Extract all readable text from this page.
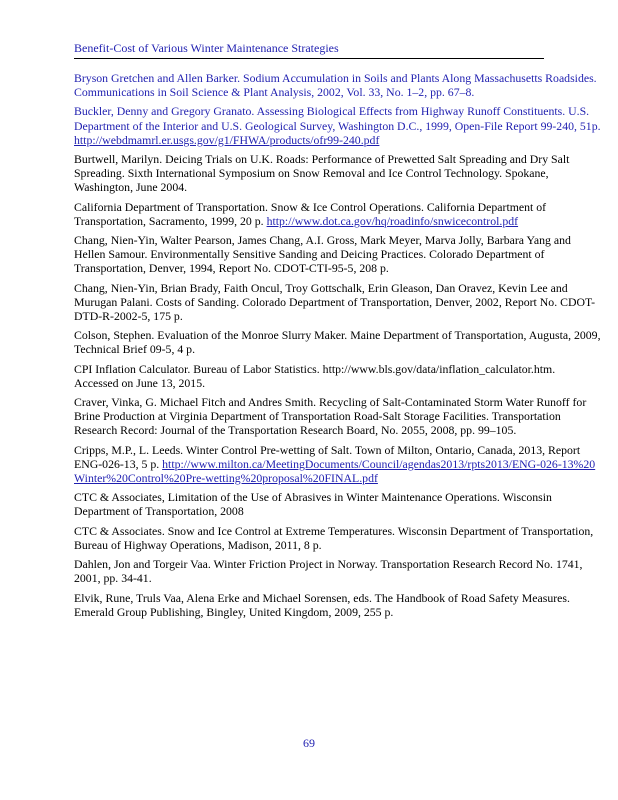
Benefit-Cost of Various Winter Maintenance Strategies

Bryson Gretchen and Allen Barker. Sodium Accumulation in Soils and Plants Along Massachusetts Roadsides. Communications in Soil Science & Plant Analysis, 2002, Vol. 33, No. 1–2, pp. 67–8.

Buckler, Denny and Gregory Granato. Assessing Biological Effects from Highway Runoff Constituents. U.S. Department of the Interior and U.S. Geological Survey, Washington D.C., 1999, Open-File Report 99-240, 51p. http://webdmamrl.er.usgs.gov/g1/FHWA/products/ofr99-240.pdf

Burtwell, Marilyn. Deicing Trials on U.K. Roads: Performance of Prewetted Salt Spreading and Dry Salt Spreading. Sixth International Symposium on Snow Removal and Ice Control Technology. Spokane, Washington, June 2004.

California Department of Transportation. Snow & Ice Control Operations. California Department of Transportation, Sacramento, 1999, 20 p. http://www.dot.ca.gov/hq/roadinfo/snwicecontrol.pdf

Chang, Nien-Yin, Walter Pearson, James Chang, A.I. Gross, Mark Meyer, Marva Jolly, Barbara Yang and Hellen Samour. Environmentally Sensitive Sanding and Deicing Practices. Colorado Department of Transportation, Denver, 1994, Report No. CDOT-CTI-95-5, 208 p.

Chang, Nien-Yin, Brian Brady, Faith Oncul, Troy Gottschalk, Erin Gleason, Dan Oravez, Kevin Lee and Murugan Palani. Costs of Sanding. Colorado Department of Transportation, Denver, 2002, Report No. CDOT-DTD-R-2002-5, 175 p.

Colson, Stephen. Evaluation of the Monroe Slurry Maker. Maine Department of Transportation, Augusta, 2009, Technical Brief 09-5, 4 p.

CPI Inflation Calculator. Bureau of Labor Statistics. http://www.bls.gov/data/inflation_calculator.htm. Accessed on June 13, 2015.

Craver, Vinka, G. Michael Fitch and Andres Smith. Recycling of Salt-Contaminated Storm Water Runoff for Brine Production at Virginia Department of Transportation Road-Salt Storage Facilities. Transportation Research Record: Journal of the Transportation Research Board, No. 2055, 2008, pp. 99–105.

Cripps, M.P., L. Leeds. Winter Control Pre-wetting of Salt. Town of Milton, Ontario, Canada, 2013, Report ENG-026-13, 5 p. http://www.milton.ca/MeetingDocuments/Council/agendas2013/rpts2013/ENG-026-13%20Winter%20Control%20Pre-wetting%20proposal%20FINAL.pdf

CTC & Associates, Limitation of the Use of Abrasives in Winter Maintenance Operations. Wisconsin Department of Transportation, 2008

CTC & Associates. Snow and Ice Control at Extreme Temperatures. Wisconsin Department of Transportation, Bureau of Highway Operations, Madison, 2011, 8 p.

Dahlen, Jon and Torgeir Vaa. Winter Friction Project in Norway. Transportation Research Record No. 1741, 2001, pp. 34-41.

Elvik, Rune, Truls Vaa, Alena Erke and Michael Sorensen, eds. The Handbook of Road Safety Measures. Emerald Group Publishing, Bingley, United Kingdom, 2009, 255 p.

69
